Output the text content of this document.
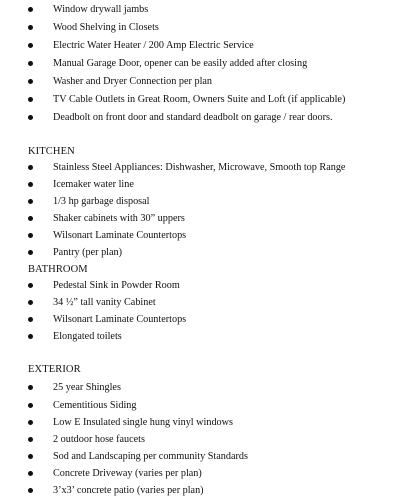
Window drywall jambs
Wood Shelving in Closets
Electric Water Heater / 200 Amp Electric Service
Manual Garage Door, opener can be easily added after closing
Washer and Dryer Connection per plan
TV Cable Outlets in Great Room, Owners Suite and Loft (if applicable)
Deadbolt on front door and standard deadbolt on garage / rear doors.
KITCHEN
Stainless Steel Appliances: Dishwasher, Microwave, Smooth top Range
Icemaker water line
1/3 hp garbage disposal
Shaker cabinets with 30” uppers
Wilsonart Laminate Countertops
Pantry (per plan)
BATHROOM
Pedestal Sink in Powder Room
34 ½” tall vanity Cabinet
Wilsonart Laminate Countertops
Elongated toilets
EXTERIOR
25 year Shingles
Cementitious Siding
Low E Insulated single hung vinyl windows
2 outdoor hose faucets
Sod and Landscaping per community Standards
Concrete Driveway (varies per plan)
3’x3’ concrete patio (varies per plan)
